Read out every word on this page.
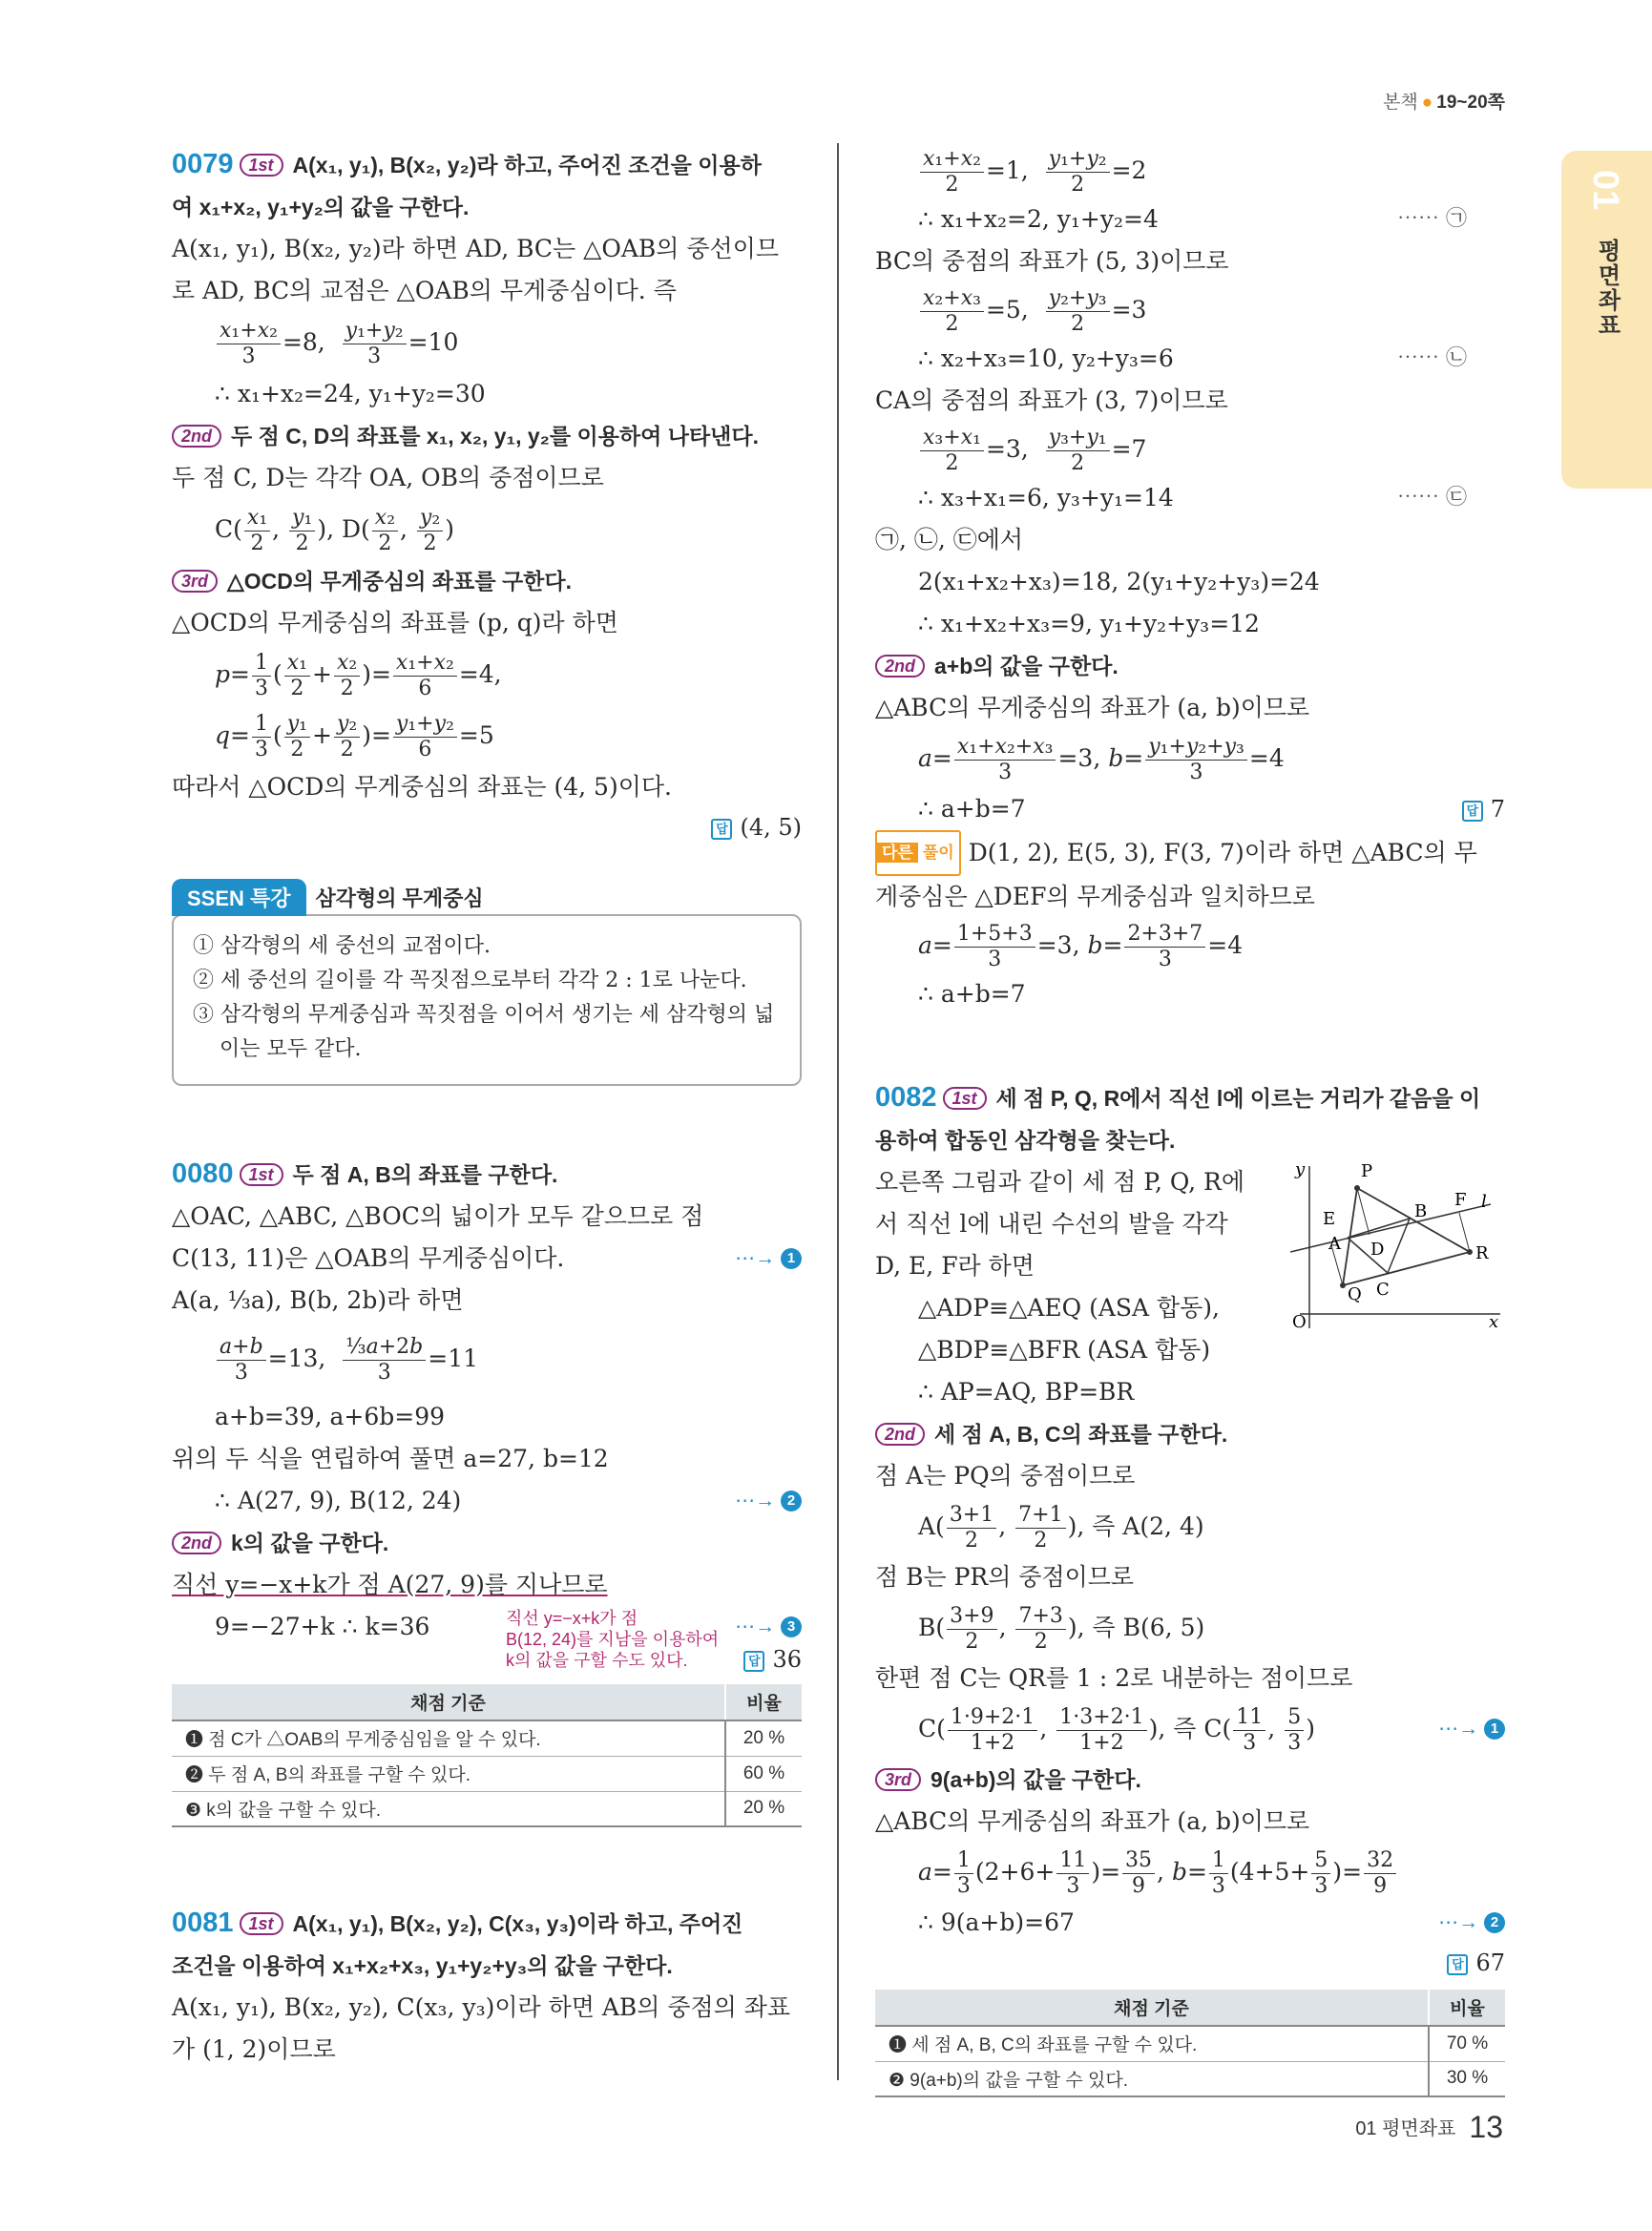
본책 ● 19~20쪽
01
평면좌표
0079 1st A(x₁, y₁), B(x₂, y₂)라 하고, 주어진 조건을 이용하
여 x₁+x₂, y₁+y₂의 값을 구한다.
A(x₁, y₁), B(x₂, y₂)라 하면 AD, BC는 △OAB의 중선이므
로 AD, BC의 교점은 △OAB의 무게중심이다. 즉
$\frac{\text{x₁+x₂}}{3} =8$, $\frac{\text{y₁+y₂}}{3} =10$
∴ x₁+x₂=24, y₁+y₂=30
2nd 두 점 C, D의 좌표를 x₁, x₂, y₁, y₂를 이용하여 나타낸다.
두 점 C, D는 각각 OA, OB의 중점이므로
$C( \frac{\text{x₁}}{2}$ , $\frac{\text{y₁}}{2}$ ), $D( \frac{\text{x₂}}{2}$ , $\frac{\text{y₂}}{2}$ )
3rd △OCD의 무게중심의 좌표를 구한다.
△OCD의 무게중심의 좌표를 (p, q)라 하면
$p= \frac{1}{3}$ ( $\frac{\text{x₁}}{2} + \frac{\text{x₂}}{2}$ )= $\frac{\text{x₁+x₂}}{6} =4$,
$q= \frac{1}{3}$ ( $\frac{\text{y₁}}{2} + \frac{\text{y₂}}{2}$ )= $\frac{\text{y₁+y₂}}{6} =5$
따라서 △OCD의 무게중심의 좌표는 (4, 5)이다.
답 (4, 5)
SSEN 특강 삼각형의 무게중심
① 삼각형의 세 중선의 교점이다.
② 세 중선의 길이를 각 꼭짓점으로부터 각각 2 : 1로 나눈다.
③ 삼각형의 무게중심과 꼭짓점을 이어서 생기는 세 삼각형의 넓이는 모두 같다.
0080 1st 두 점 A, B의 좌표를 구한다.
△OAC, △ABC, △BOC의 넓이가 모두 같으므로 점
C(13, 11)은 △OAB의 무게중심이다.	⋯→ 1
A(a, ⅓a), B(b, 2b)라 하면
$\frac{a+b}{3} =13$, $\frac{\text{⅓a+2b}}{3} =11$
a+b=39, a+6b=99
위의 두 식을 연립하여 풀면 a=27, b=12
∴ A(27, 9), B(12, 24)	⋯→ 2
2nd k의 값을 구한다.
직선 y=−x+k가 점 A(27, 9)를 지나므로
9=−27+k ∴ k=36	직선 y=−x+k가 점
B(12, 24)를 지남을 이용하여
k의 값을 구할 수도 있다.
⋯→ 3
답 36
채점 기준	비율
❶ 점 C가 △OAB의 무게중심임을 알 수 있다.	20 %
❷ 두 점 A, B의 좌표를 구할 수 있다.	60 %
❸ k의 값을 구할 수 있다.	20 %
0081 1st A(x₁, y₁), B(x₂, y₂), C(x₃, y₃)이라 하고, 주어진
조건을 이용하여 x₁+x₂+x₃, y₁+y₂+y₃의 값을 구한다.
A(x₁, y₁), B(x₂, y₂), C(x₃, y₃)이라 하면 AB의 중점의 좌표
가 (1, 2)이므로
$\frac{\text{x₁+x₂}}{2} =1$, $\frac{\text{y₁+y₂}}{2} =2$
∴ x₁+x₂=2, y₁+y₂=4	⋯⋯ ㉠
BC의 중점의 좌표가 (5, 3)이므로
$\frac{\text{x₂+x₃}}{2} =5$, $\frac{\text{y₂+y₃}}{2} =3$
∴ x₂+x₃=10, y₂+y₃=6	⋯⋯ ㉡
CA의 중점의 좌표가 (3, 7)이므로
$\frac{\text{x₃+x₁}}{2} =3$, $\frac{\text{y₃+y₁}}{2} =7$
∴ x₃+x₁=6, y₃+y₁=14	⋯⋯ ㉢
㉠, ㉡, ㉢에서
2(x₁+x₂+x₃)=18, 2(y₁+y₂+y₃)=24
∴ x₁+x₂+x₃=9, y₁+y₂+y₃=12
2nd a+b의 값을 구한다.
△ABC의 무게중심의 좌표가 (a, b)이므로
$a= \frac{\text{x₁+x₂+x₃}}{3} =3$, $b= \frac{\text{y₁+y₂+y₃}}{3} =4$
∴ a+b=7	답 7
다른 풀이 D(1, 2), E(5, 3), F(3, 7)이라 하면 △ABC의 무
게중심은 △DEF의 무게중심과 일치하므로
$a= \frac{1+5+3}{3} =3$, $b= \frac{2+3+7}{3} =4$
∴ a+b=7
0082 1st 세 점 P, Q, R에서 직선 l에 이르는 거리가 같음을 이
용하여 합동인 삼각형을 찾는다.
P
E
A
B
F l
D	R
Q C
O	x
y
오른쪽 그림과 같이 세 점 P, Q, R에
서 직선 l에 내린 수선의 발을 각각
D, E, F라 하면
△ADP≡△AEQ (ASA 합동),
△BDP≡△BFR (ASA 합동)
∴ AP=AQ, BP=BR
2nd 세 점 A, B, C의 좌표를 구한다.
점 A는 PQ의 중점이므로
$A( \frac{3+1}{2}$ , $\frac{7+1}{2}$ ), 즉 A(2, 4)
점 B는 PR의 중점이므로
$B( \frac{3+9}{2}$ , $\frac{7+3}{2}$ ), 즉 B(6, 5)
한편 점 C는 QR를 1 : 2로 내분하는 점이므로
$C( \frac{1\cdot 9+2\cdot 1}{1+2}$ , $\frac{1\cdot 3+2\cdot 1}{1+2}$ ), 즉 $C( \frac{11}{3}$ , $\frac{5}{3}$ )	⋯→ 1
3rd 9(a+b)의 값을 구한다.
△ABC의 무게중심의 좌표가 (a, b)이므로
$a= \frac{1}{3} (2+6+ \frac{11}{3}$ )= $\frac{35}{9}$ , $b= \frac{1}{3} (4+5+ \frac{5}{3}$ )= $\frac{32}{9}$
∴ 9(a+b)=67	⋯→ 2
답 67
채점 기준	비율
❶ 세 점 A, B, C의 좌표를 구할 수 있다.	70 %
❷ 9(a+b)의 값을 구할 수 있다.	30 %
01 평면좌표 13
